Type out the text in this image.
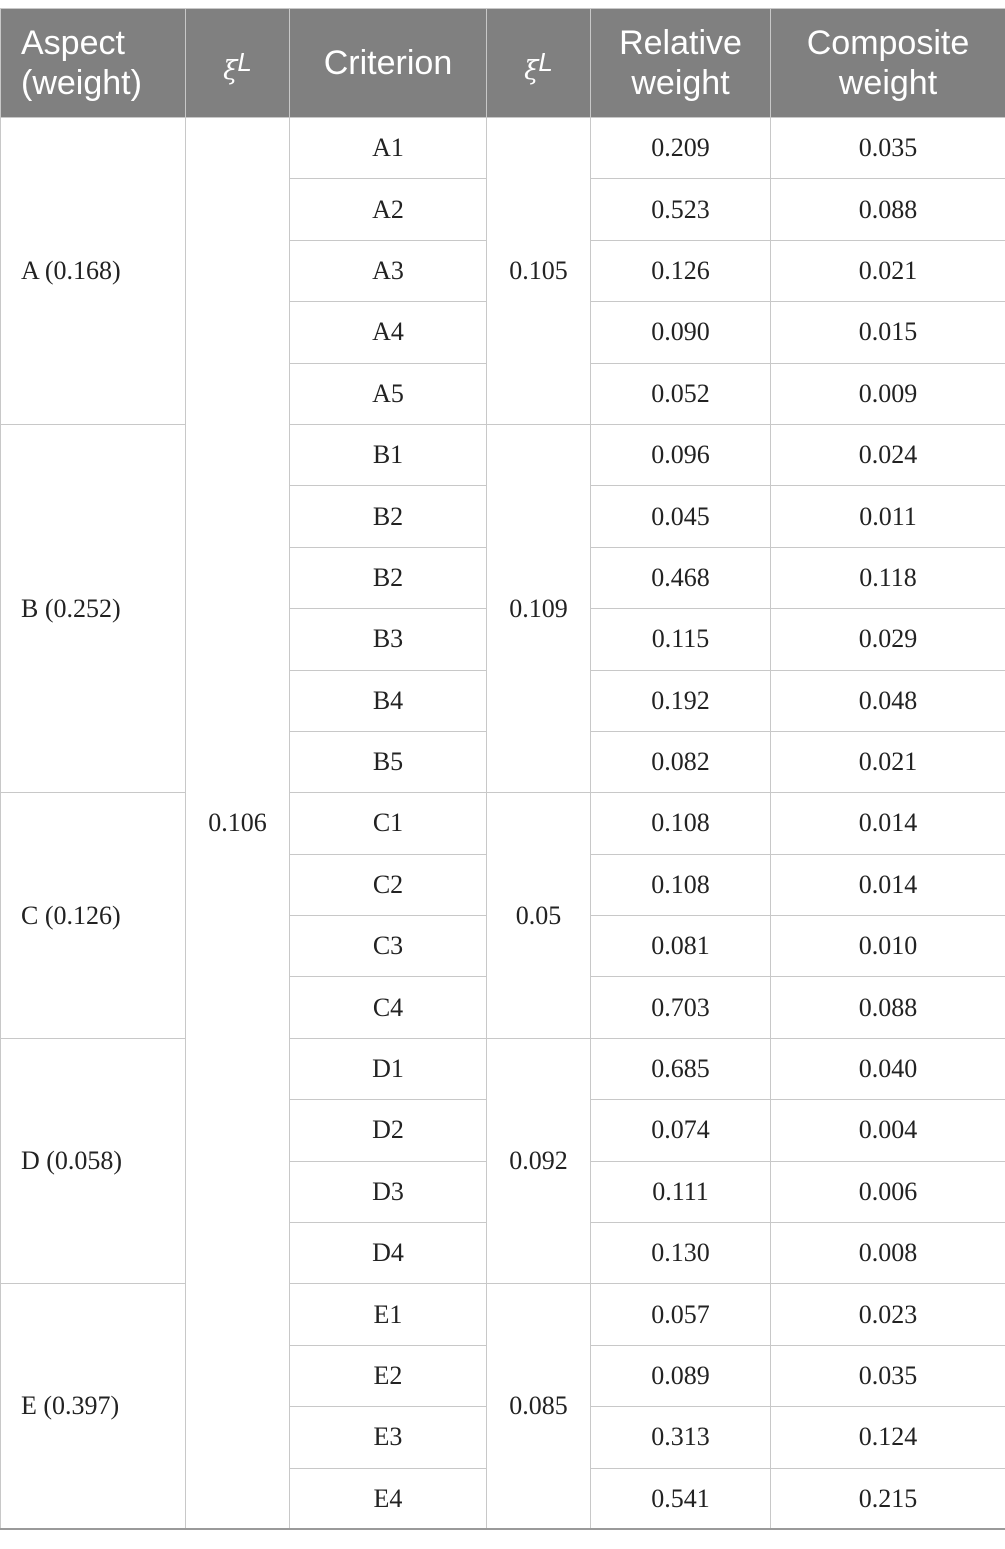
Aspect (weight)	$\xi^L$	Criterion	$\xi^L$	Relative weight	Composite weight
A (0.168)	0.106	A1	0.105	0.209	0.035
		A2		0.523	0.088
		A3		0.126	0.021
		A4		0.090	0.015
		A5		0.052	0.009
B (0.252)		B1	0.109	0.096	0.024
		B2		0.045	0.011
		B2		0.468	0.118
		B3		0.115	0.029
		B4		0.192	0.048
		B5		0.082	0.021
C (0.126)		C1	0.05	0.108	0.014
		C2		0.108	0.014
		C3		0.081	0.010
		C4		0.703	0.088
D (0.058)		D1	0.092	0.685	0.040
		D2		0.074	0.004
		D3		0.111	0.006
		D4		0.130	0.008
E (0.397)		E1	0.085	0.057	0.023
		E2		0.089	0.035
		E3		0.313	0.124
		E4		0.541	0.215
